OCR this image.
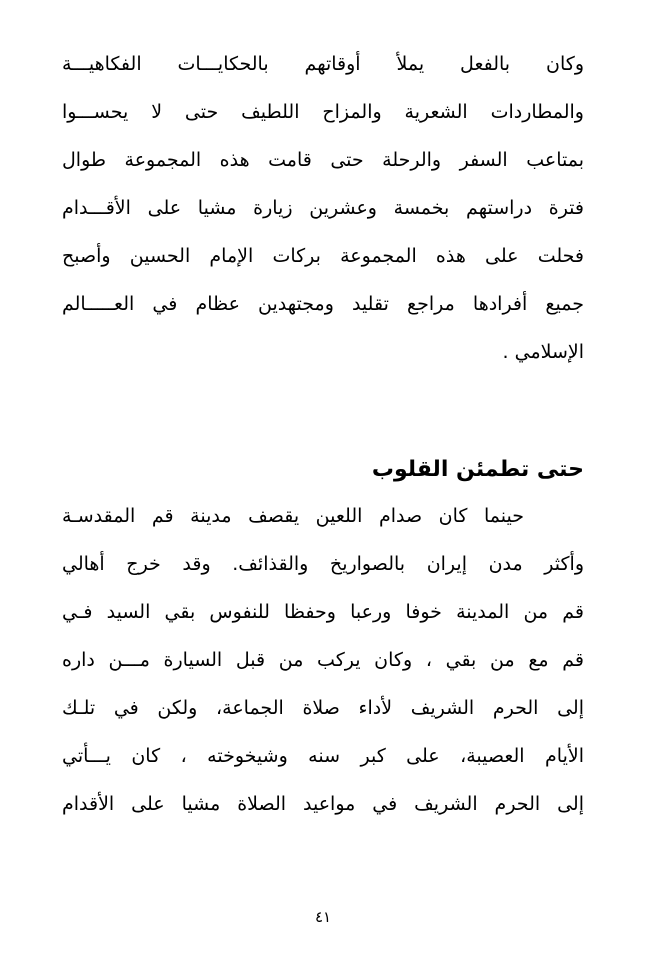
وكان بالفعل يملأ أوقاتهم بالحكايـــات الفكاهيـــة
والمطاردات الشعرية والمزاح اللطيف حتى لا يحســـوا
بمتاعب السفر والرحلة حتى قامت هذه المجموعة طوال
فترة دراستهم بخمسة وعشرين زيارة مشيا على الأقـــدام
فحلت على هذه المجموعة بركات الإمام الحسين وأصبح
جميع أفرادها مراجع تقليد ومجتهدين عظام في العـــــالم
الإسلامي .
حتى تطمئن القلوب
حينما كان صدام اللعين يقصف مدينة قم المقدسـة
وأكثر مدن إيران بالصواريخ والقذائف. وقد خرج أهالي
قم من المدينة خوفا ورعبا وحفظا للنفوس بقي السيد فـي
قم مع من بقي ، وكان يركب من قبل السيارة مـــن داره
إلى الحرم الشريف لأداء صلاة الجماعة، ولكن في تلـك
الأيام العصيبة، على كبر سنه وشيخوخته ، كان يـــأتي
إلى الحرم الشريف في مواعيد الصلاة مشيا على الأقدام
٤١
